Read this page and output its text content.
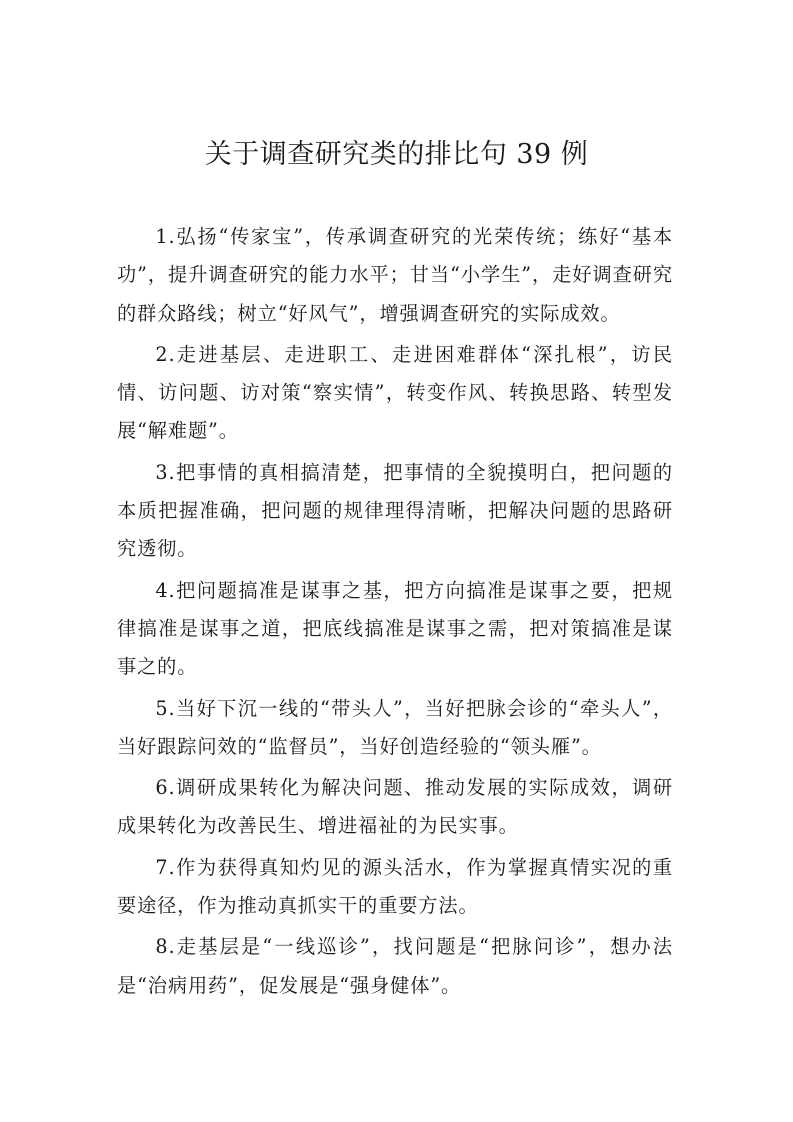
关于调查研究类的排比句 39 例

1.弘扬“传家宝”，传承调查研究的光荣传统；练好“基本功”，提升调查研究的能力水平；甘当“小学生”，走好调查研究的群众路线；树立“好风气”，增强调查研究的实际成效。

2.走进基层、走进职工、走进困难群体“深扎根”，访民情、访问题、访对策“察实情”，转变作风、转换思路、转型发展“解难题”。

3.把事情的真相搞清楚，把事情的全貌摸明白，把问题的本质把握准确，把问题的规律理得清晰，把解决问题的思路研究透彻。

4.把问题搞准是谋事之基，把方向搞准是谋事之要，把规律搞准是谋事之道，把底线搞准是谋事之需，把对策搞准是谋事之的。

5.当好下沉一线的“带头人”，当好把脉会诊的“牵头人”，当好跟踪问效的“监督员”，当好创造经验的“领头雁”。

6.调研成果转化为解决问题、推动发展的实际成效，调研成果转化为改善民生、增进福祉的为民实事。

7.作为获得真知灼见的源头活水，作为掌握真情实况的重要途径，作为推动真抓实干的重要方法。

8.走基层是“一线巡诊”，找问题是“把脉问诊”，想办法是“治病用药”，促发展是“强身健体”。
